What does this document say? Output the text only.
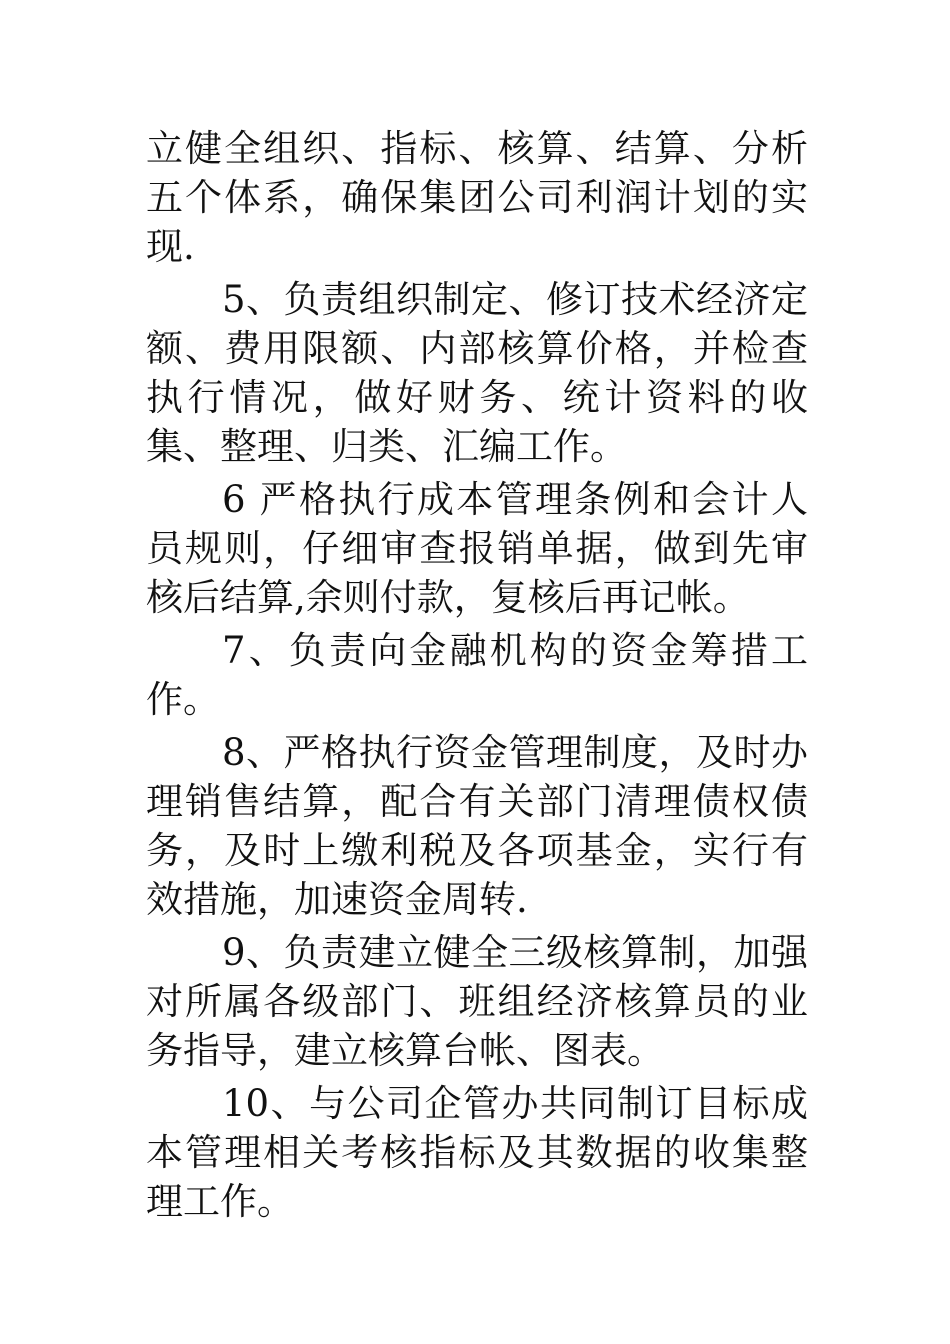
立健全组织、指标、核算、结算、分析五个体系，确保集团公司利润计划的实现.

5、负责组织制定、修订技术经济定额、费用限额、内部核算价格，并检查执行情况，做好财务、统计资料的收集、整理、归类、汇编工作。

6 严格执行成本管理条例和会计人员规则，仔细审查报销单据，做到先审核后结算,余则付款，复核后再记帐。

7、负责向金融机构的资金筹措工作。

8、严格执行资金管理制度，及时办理销售结算，配合有关部门清理债权债务，及时上缴利税及各项基金，实行有效措施，加速资金周转.

9、负责建立健全三级核算制，加强对所属各级部门、班组经济核算员的业务指导，建立核算台帐、图表。

10、与公司企管办共同制订目标成本管理相关考核指标及其数据的收集整理工作。
